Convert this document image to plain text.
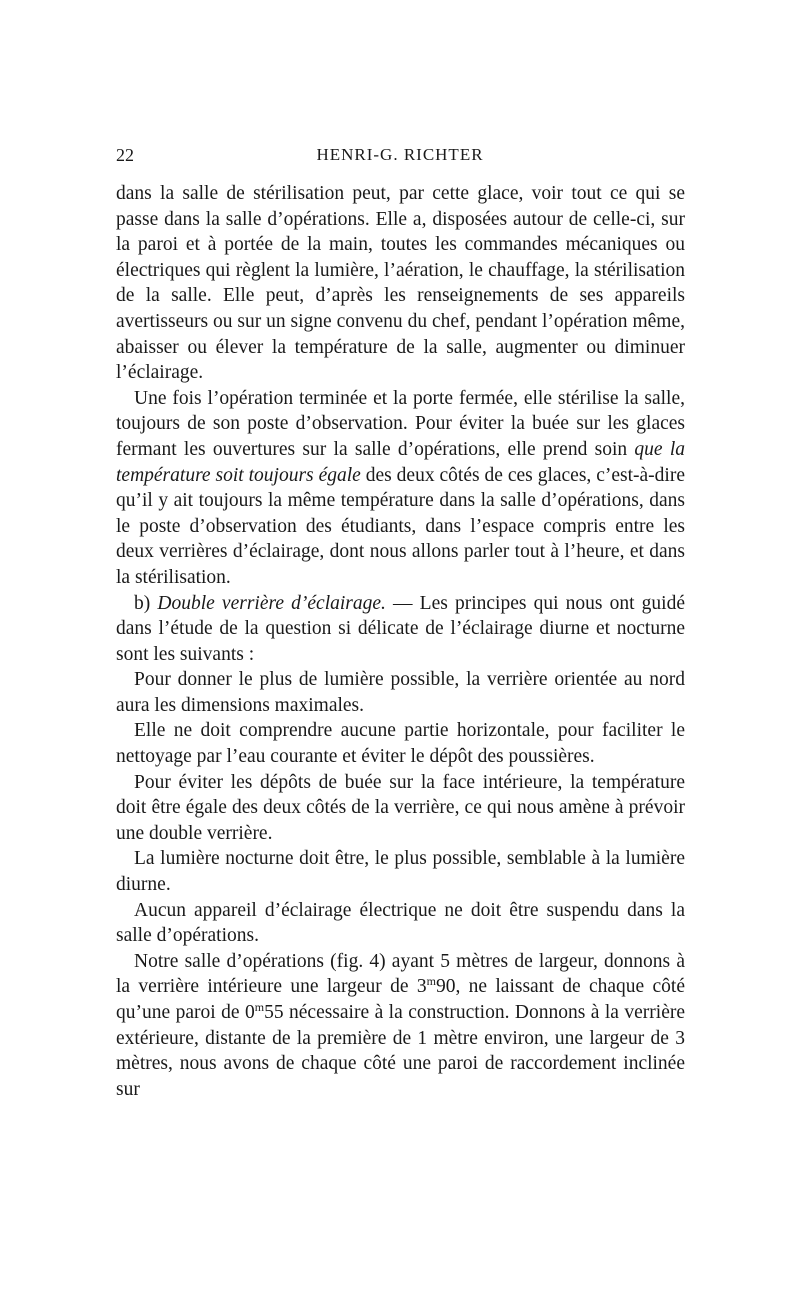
22	HENRI-G. RICHTER

dans la salle de stérilisation peut, par cette glace, voir tout ce qui se passe dans la salle d’opérations. Elle a, disposées autour de celle-ci, sur la paroi et à portée de la main, toutes les commandes mécaniques ou électriques qui règlent la lumière, l’aération, le chauffage, la stérilisation de la salle. Elle peut, d’après les renseignements de ses appareils avertisseurs ou sur un signe convenu du chef, pendant l’opération même, abaisser ou élever la température de la salle, augmenter ou diminuer l’éclairage.

Une fois l’opération terminée et la porte fermée, elle stérilise la salle, toujours de son poste d’observation. Pour éviter la buée sur les glaces fermant les ouvertures sur la salle d’opérations, elle prend soin que la température soit toujours égale des deux côtés de ces glaces, c’est-à-dire qu’il y ait toujours la même température dans la salle d’opérations, dans le poste d’observation des étudiants, dans l’espace compris entre les deux verrières d’éclairage, dont nous allons parler tout à l’heure, et dans la stérilisation.

b) Double verrière d’éclairage. — Les principes qui nous ont guidé dans l’étude de la question si délicate de l’éclairage diurne et nocturne sont les suivants :

Pour donner le plus de lumière possible, la verrière orientée au nord aura les dimensions maximales.

Elle ne doit comprendre aucune partie horizontale, pour faciliter le nettoyage par l’eau courante et éviter le dépôt des poussières.

Pour éviter les dépôts de buée sur la face intérieure, la température doit être égale des deux côtés de la verrière, ce qui nous amène à prévoir une double verrière.

La lumière nocturne doit être, le plus possible, semblable à la lumière diurne.

Aucun appareil d’éclairage électrique ne doit être suspendu dans la salle d’opérations.

Notre salle d’opérations (fig. 4) ayant 5 mètres de largeur, donnons à la verrière intérieure une largeur de 3$^m$90, ne laissant de chaque côté qu’une paroi de 0$^m$55 nécessaire à la construction. Donnons à la verrière extérieure, distante de la première de 1 mètre environ, une largeur de 3 mètres, nous avons de chaque côté une paroi de raccordement inclinée sur
